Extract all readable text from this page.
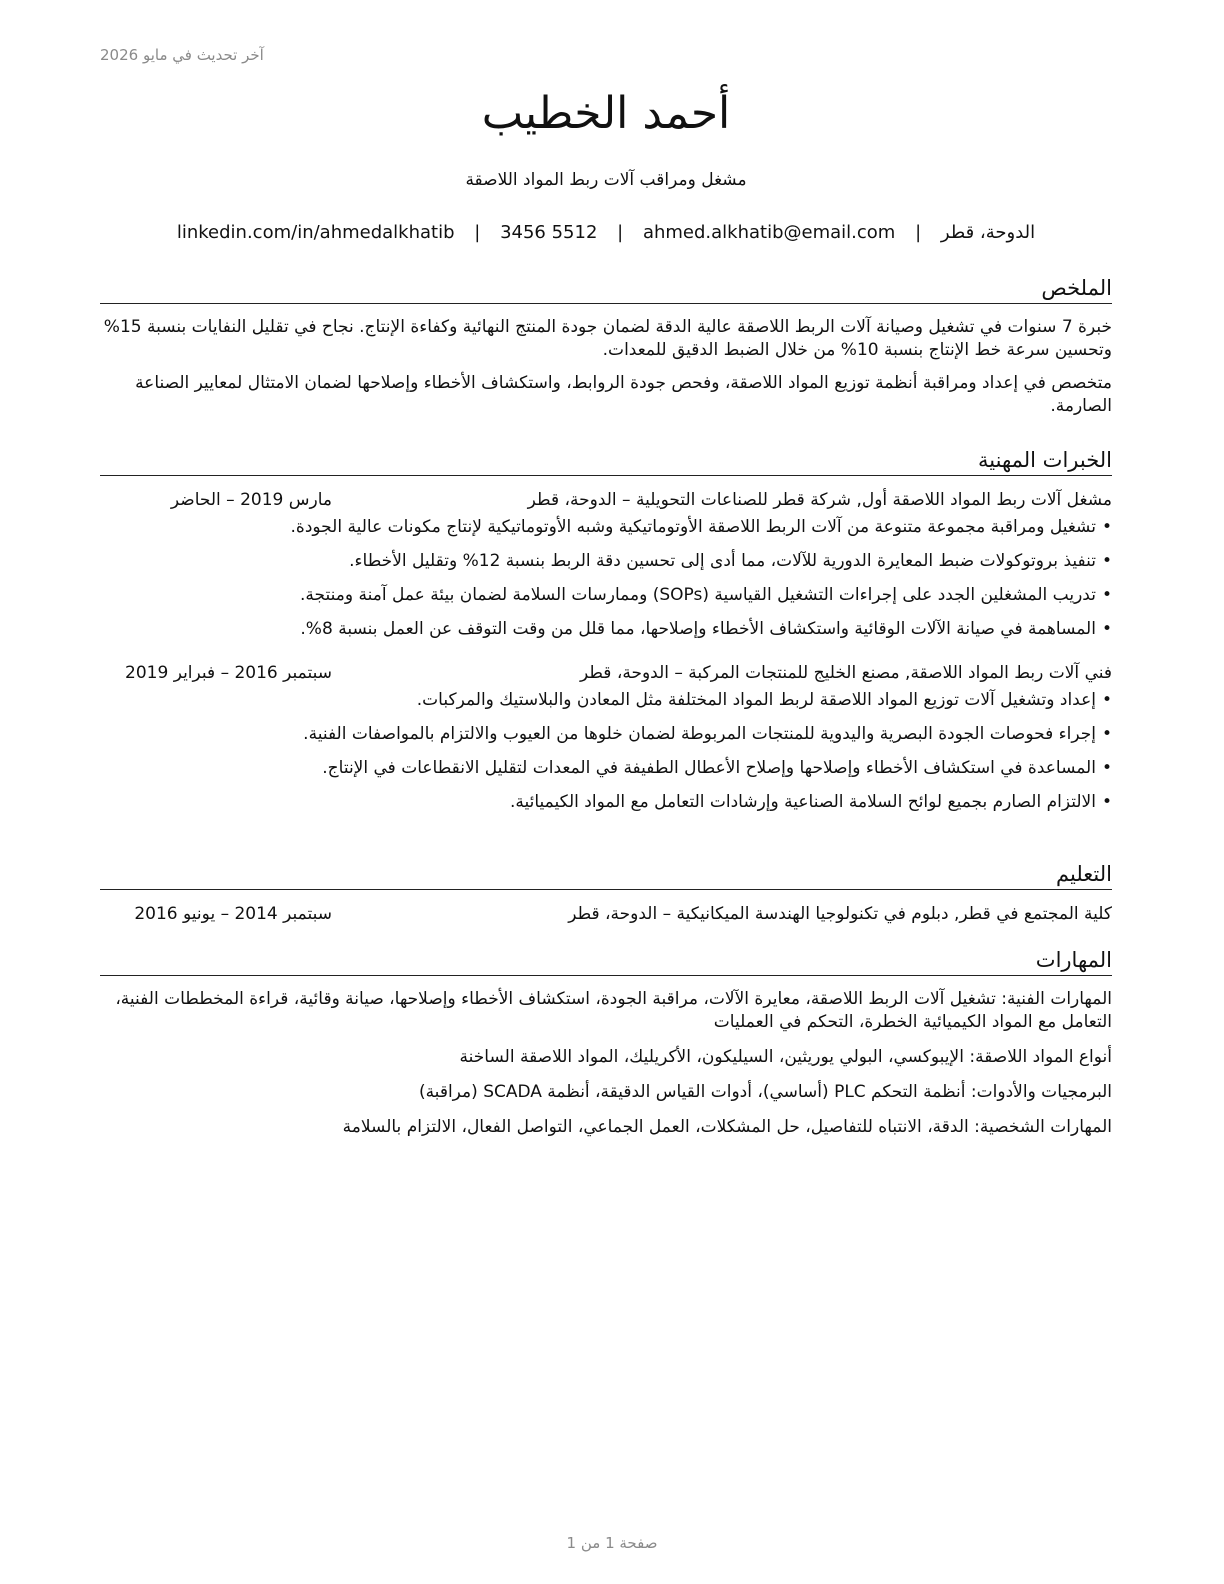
آخر تحديث في مايو 2026
أحمد الخطيب
مشغل ومراقب آلات ربط المواد اللاصقة
الدوحة، قطر | ahmed.alkhatib@email.com | 3456 5512 | linkedin.com/in/ahmedalkhatib
الملخص

خبرة 7 سنوات في تشغيل وصيانة آلات الربط اللاصقة عالية الدقة لضمان جودة المنتج النهائية وكفاءة الإنتاج. نجاح في تقليل النفايات بنسبة 15% وتحسين سرعة خط الإنتاج بنسبة 10% من خلال الضبط الدقيق للمعدات.

متخصص في إعداد ومراقبة أنظمة توزيع المواد اللاصقة، وفحص جودة الروابط، واستكشاف الأخطاء وإصلاحها لضمان الامتثال لمعايير الصناعة الصارمة.

الخبرات المهنية
مشغل آلات ربط المواد اللاصقة أول, شركة قطر للصناعات التحويلية – الدوحة، قطر
مارس 2019 – الحاضر
•تشغيل ومراقبة مجموعة متنوعة من آلات الربط اللاصقة الأوتوماتيكية وشبه الأوتوماتيكية لإنتاج مكونات عالية الجودة.
•تنفيذ بروتوكولات ضبط المعايرة الدورية للآلات، مما أدى إلى تحسين دقة الربط بنسبة 12% وتقليل الأخطاء.
•تدريب المشغلين الجدد على إجراءات التشغيل القياسية (SOPs) وممارسات السلامة لضمان بيئة عمل آمنة ومنتجة.
•المساهمة في صيانة الآلات الوقائية واستكشاف الأخطاء وإصلاحها، مما قلل من وقت التوقف عن العمل بنسبة 8%.
فني آلات ربط المواد اللاصقة, مصنع الخليج للمنتجات المركبة – الدوحة، قطر
سبتمبر 2016 – فبراير 2019
•إعداد وتشغيل آلات توزيع المواد اللاصقة لربط المواد المختلفة مثل المعادن والبلاستيك والمركبات.
•إجراء فحوصات الجودة البصرية واليدوية للمنتجات المربوطة لضمان خلوها من العيوب والالتزام بالمواصفات الفنية.
•المساعدة في استكشاف الأخطاء وإصلاحها وإصلاح الأعطال الطفيفة في المعدات لتقليل الانقطاعات في الإنتاج.
•الالتزام الصارم بجميع لوائح السلامة الصناعية وإرشادات التعامل مع المواد الكيميائية.
التعليم
كلية المجتمع في قطر, دبلوم في تكنولوجيا الهندسة الميكانيكية – الدوحة، قطر
سبتمبر 2014 – يونيو 2016
المهارات
المهارات الفنية: تشغيل آلات الربط اللاصقة، معايرة الآلات، مراقبة الجودة، استكشاف الأخطاء وإصلاحها، صيانة وقائية، قراءة المخططات الفنية، التعامل مع المواد الكيميائية الخطرة، التحكم في العمليات
أنواع المواد اللاصقة: الإيبوكسي، البولي يوريثين، السيليكون، الأكريليك، المواد اللاصقة الساخنة
البرمجيات والأدوات: أنظمة التحكم PLC (أساسي)، أدوات القياس الدقيقة، أنظمة SCADA (مراقبة)
المهارات الشخصية: الدقة، الانتباه للتفاصيل، حل المشكلات، العمل الجماعي، التواصل الفعال، الالتزام بالسلامة
صفحة 1 من 1
